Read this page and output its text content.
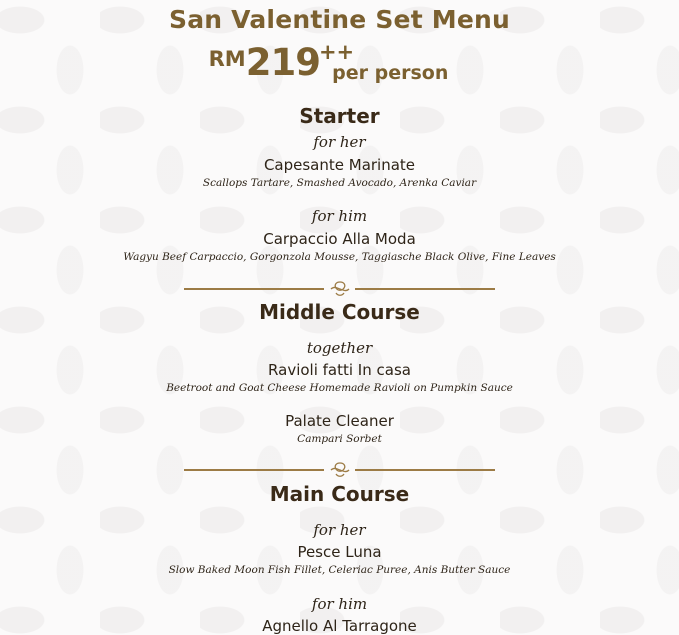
San Valentine Set Menu
RM219++per person
Starter
for her
Capesante Marinate
Scallops Tartare, Smashed Avocado, Arenka Caviar
for him
Carpaccio Alla Moda
Wagyu Beef Carpaccio, Gorgonzola Mousse, Taggiasche Black Olive, Fine Leaves
Middle Course
together
Ravioli fatti In casa
Beetroot and Goat Cheese Homemade Ravioli on Pumpkin Sauce
Palate Cleaner
Campari Sorbet
Main Course
for her
Pesce Luna
Slow Baked Moon Fish Fillet, Celeriac Puree, Anis Butter Sauce
for him
Agnello Al Tarragone
